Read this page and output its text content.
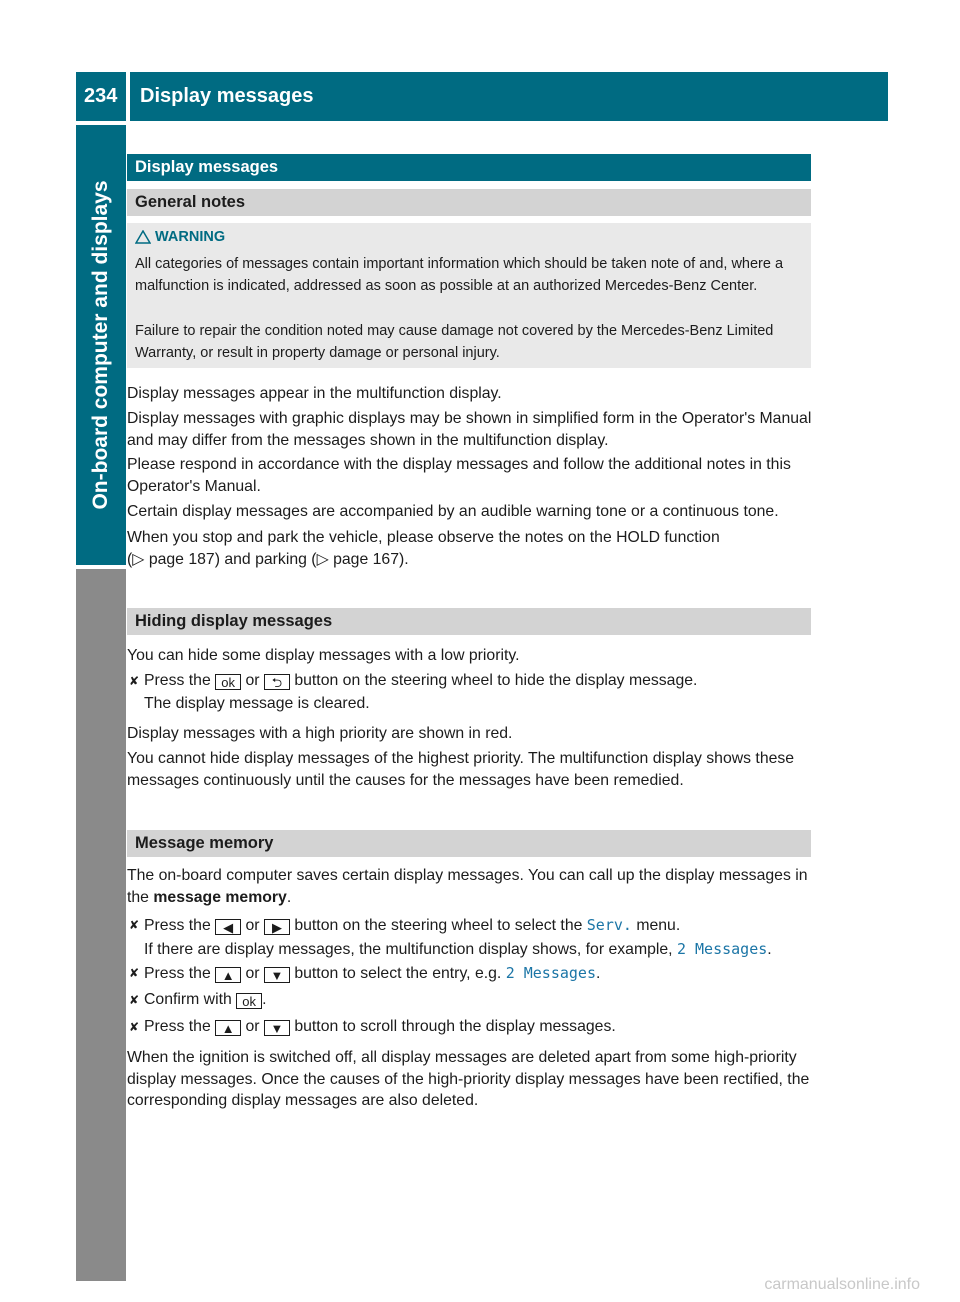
234 Display messages
On-board computer and displays
Display messages
General notes
WARNING

All categories of messages contain important information which should be taken note of and, where a malfunction is indicated, addressed as soon as possible at an authorized Mercedes-Benz Center.

Failure to repair the condition noted may cause damage not covered by the Mercedes-Benz Limited Warranty, or result in property damage or personal injury.

Display messages appear in the multifunction display.

Display messages with graphic displays may be shown in simplified form in the Operator's Manual and may differ from the messages shown in the multifunction display.

Please respond in accordance with the display messages and follow the additional notes in this Operator's Manual.

Certain display messages are accompanied by an audible warning tone or a continuous tone.

When you stop and park the vehicle, please observe the notes on the HOLD function
(▷ page 187) and parking (▷ page 167).

Hiding display messages

You can hide some display messages with a low priority.

✘ Press the ok or ⮌ button on the steering wheel to hide the display message.
The display message is cleared.

Display messages with a high priority are shown in red.

You cannot hide display messages of the highest priority. The multifunction display shows these messages continuously until the causes for the messages have been remedied.

Message memory

The on-board computer saves certain display messages. You can call up the display messages in the message memory.

✘ Press the ◀ or ▶ button on the steering wheel to select the Serv. menu.
If there are display messages, the multifunction display shows, for example, 2 Messages.

✘ Press the ▲ or ▼ button to select the entry, e.g. 2 Messages.

✘ Confirm with ok .

✘ Press the ▲ or ▼ button to scroll through the display messages.

When the ignition is switched off, all display messages are deleted apart from some high-priority display messages. Once the causes of the high-priority display messages have been rectified, the corresponding display messages are also deleted.

carmanualsonline.info
